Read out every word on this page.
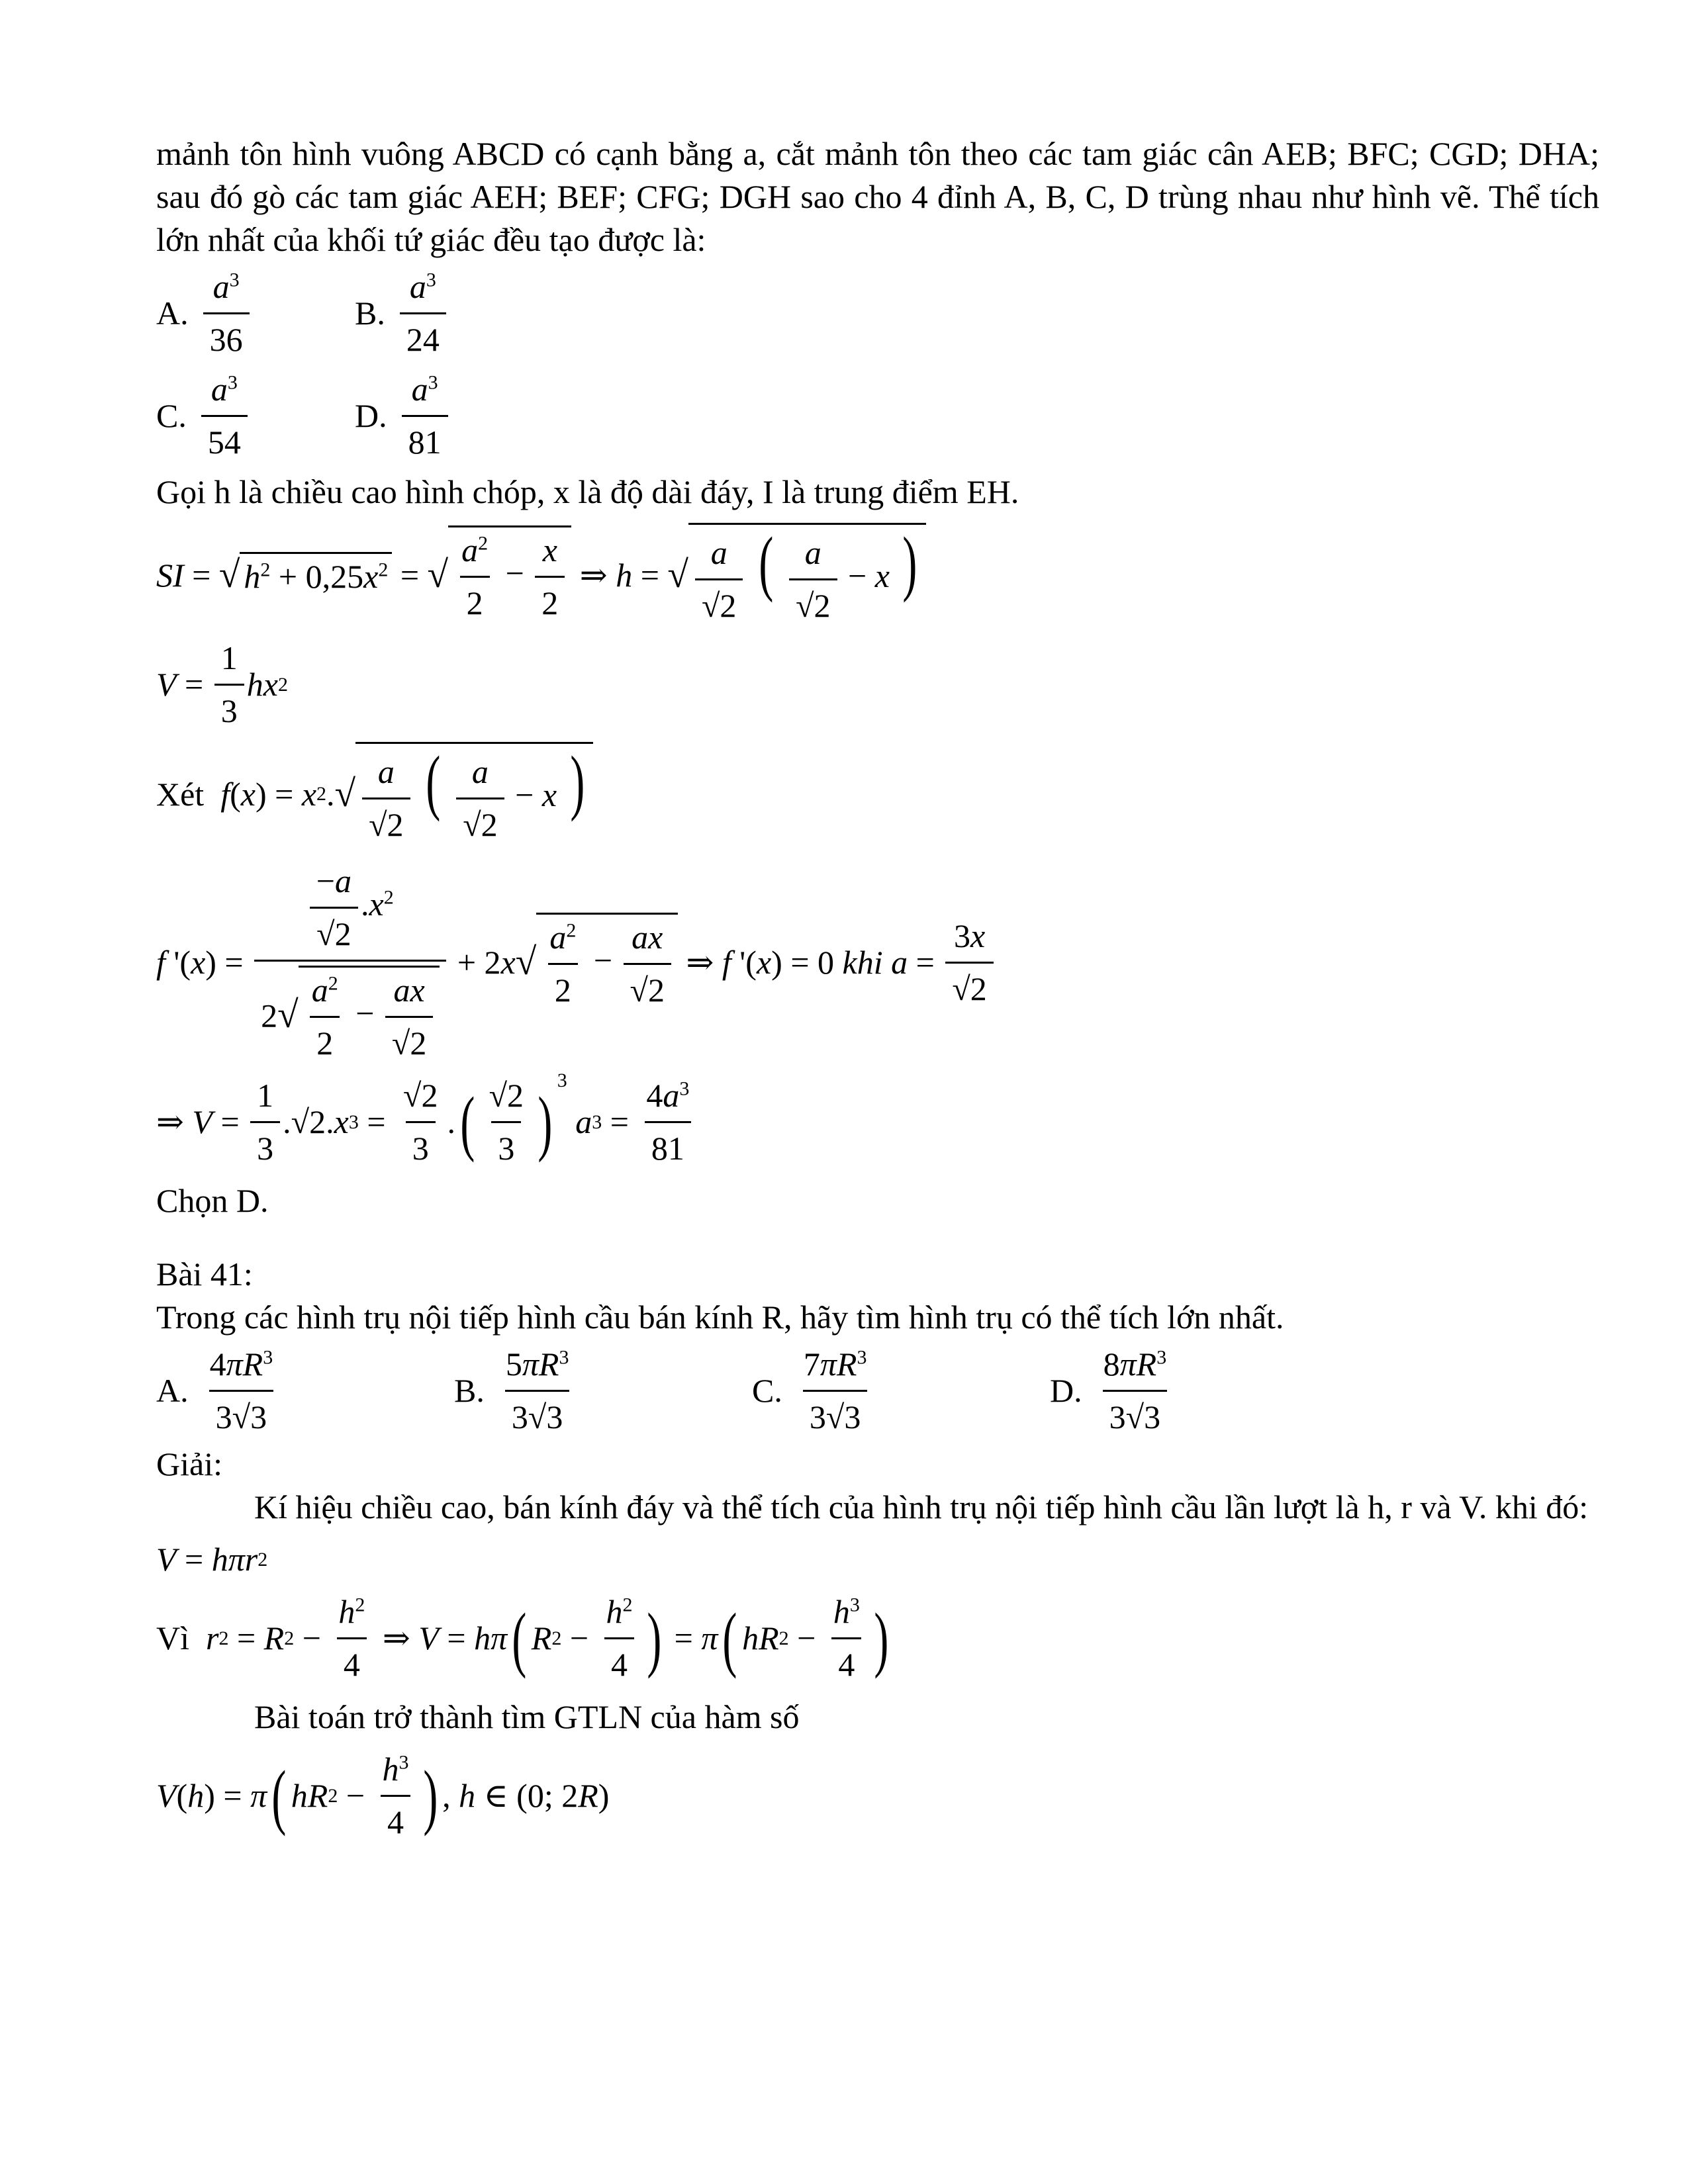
mảnh tôn hình vuông ABCD có cạnh bằng a, cắt mảnh tôn theo các tam giác cân AEB; BFC; CGD; DHA; sau đó gò các tam giác AEH; BEF; CFG; DGH sao cho 4 đỉnh A, B, C, D trùng nhau như hình vẽ. Thể tích lớn nhất của khối tứ giác đều tạo được là:

A. $\frac{a^3}{36}$	B. $\frac{a^3}{24}$
C. $\frac{a^3}{54}$	D. $\frac{a^3}{81}$

Gọi h là chiều cao hình chóp, x là độ dài đáy, I là trung điểm EH.

SI = √ $h^2 + 0,25x^2$ = √ $\frac{a^2}{2} - \frac{x}{2}$ ⇒ h = √ $\frac{a}{√2}$ ( $\frac{a}{√2} - x$ )
$V = \frac{1}{3}$ hx 2
Xét
f ( x ) = x 2 . √ $\frac{a}{√2}$ ( $\frac{a}{√2} - x$ )
f '( x ) = $\frac{\frac{-a}{√2} .x^2}{2 √ \frac{a^2}{2} - \frac{ax}{√2}} + 2$ x √ $\frac{a^2}{2} - \frac{ax}{√2}$ ⇒ f '( x ) = 0 khi
$a = \frac{3x}{√2}$
⇒ $V = \frac{1}{3} .√2$. x $3 = \frac{√2}{3}$ . ( $\frac{√2}{3}$ )
3

a $3 = \frac{4a^3}{81}$

Chọn D.

Bài 41:

Trong các hình trụ nội tiếp hình cầu bán kính R, hãy tìm hình trụ có thể tích lớn nhất.

A. $\frac{4\pi R^3}{3√3}$	B. $\frac{5\pi R^3}{3√3}$	C. $\frac{7\pi R^3}{3√3}$	D. $\frac{8\pi R^3}{3√3}$

Giải:

Kí hiệu chiều cao, bán kính đáy và thể tích của hình trụ nội tiếp hình cầu lần lượt là h, r và V. khi đó:

V = hπr 2
Vì
r 2 = R $2 - \frac{h^2}{4}$ ⇒ V = hπ ( R $2 - \frac{h^2}{4}$ ) = π ( hR $2 - \frac{h^3}{4}$ )

Bài toán trở thành tìm GTLN của hàm số

V ( h ) = π ( hR $2 - \frac{h^3}{4}$ ) , h ∈ (0; 2 R )
